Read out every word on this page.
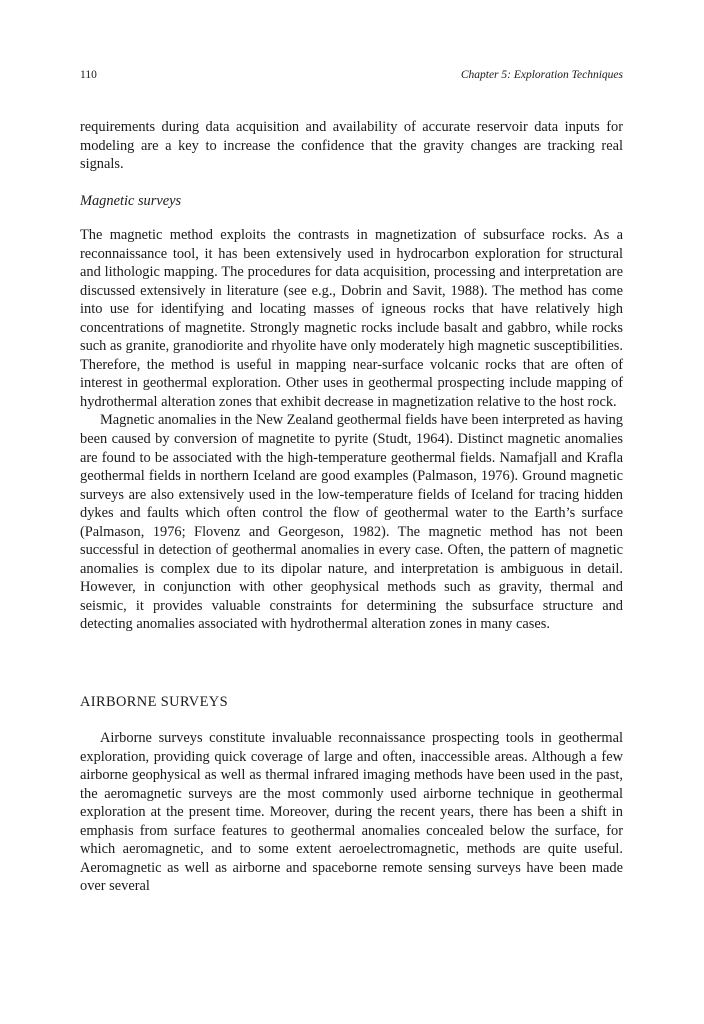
110	Chapter 5: Exploration Techniques

requirements during data acquisition and availability of accurate reservoir data inputs for modeling are a key to increase the confidence that the gravity changes are tracking real signals.

Magnetic surveys

The magnetic method exploits the contrasts in magnetization of subsurface rocks. As a reconnaissance tool, it has been extensively used in hydrocarbon exploration for structural and lithologic mapping. The procedures for data acquisition, processing and interpretation are discussed extensively in literature (see e.g., Dobrin and Savit, 1988). The method has come into use for identifying and locating masses of igneous rocks that have relatively high concentrations of magnetite. Strongly magnetic rocks include basalt and gabbro, while rocks such as granite, granodiorite and rhyolite have only moderately high magnetic susceptibilities. Therefore, the method is useful in mapping near-surface volcanic rocks that are often of interest in geothermal exploration. Other uses in geothermal prospecting include mapping of hydrothermal alteration zones that exhibit decrease in magnetization relative to the host rock.

Magnetic anomalies in the New Zealand geothermal fields have been interpreted as having been caused by conversion of magnetite to pyrite (Studt, 1964). Distinct magnetic anomalies are found to be associated with the high-temperature geothermal fields. Namafjall and Krafla geothermal fields in northern Iceland are good examples (Palmason, 1976). Ground magnetic surveys are also extensively used in the low-temperature fields of Iceland for tracing hidden dykes and faults which often control the flow of geothermal water to the Earth’s surface (Palmason, 1976; Flovenz and Georgeson, 1982). The magnetic method has not been successful in detection of geothermal anomalies in every case. Often, the pattern of magnetic anomalies is complex due to its dipolar nature, and interpretation is ambiguous in detail. However, in conjunction with other geophysical methods such as gravity, thermal and seismic, it provides valuable constraints for determining the subsurface structure and detecting anomalies associated with hydrothermal alteration zones in many cases.

AIRBORNE SURVEYS

Airborne surveys constitute invaluable reconnaissance prospecting tools in geothermal exploration, providing quick coverage of large and often, inaccessible areas. Although a few airborne geophysical as well as thermal infrared imaging methods have been used in the past, the aeromagnetic surveys are the most commonly used airborne technique in geothermal exploration at the present time. Moreover, during the recent years, there has been a shift in emphasis from surface features to geothermal anomalies concealed below the surface, for which aeromagnetic, and to some extent aeroelectromagnetic, methods are quite useful. Aeromagnetic as well as airborne and spaceborne remote sensing surveys have been made over several
